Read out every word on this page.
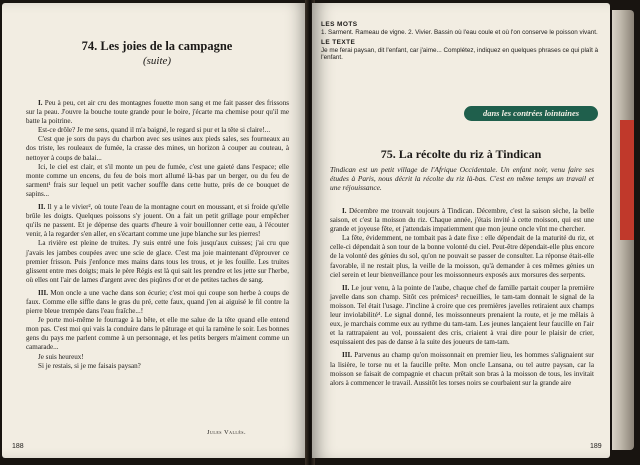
74. Les joies de la campagne
(suite)

I. Peu à peu, cet air cru des montagnes fouette mon sang et me fait passer des frissons sur la peau. J'ouvre la bouche toute grande pour le boire, j'écarte ma chemise pour qu'il me batte la poitrine.

Est-ce drôle? Je me sens, quand il m'a baigné, le regard si pur et la tête si claire!...

C'est que je sors du pays du charbon avec ses usines aux pieds sales, ses fourneaux au dos triste, les rouleaux de fumée, la crasse des mines, un horizon à couper au couteau, à nettoyer à coups de balai...

Ici, le ciel est clair, et s'il monte un peu de fumée, c'est une gaieté dans l'espace; elle monte comme un encens, du feu de bois mort allumé là-bas par un berger, ou du feu de sarment¹ frais sur lequel un petit vacher souffle dans cette hutte, près de ce bouquet de sapins...

II. Il y a le vivier², où toute l'eau de la montagne court en moussant, et si froide qu'elle brûle les doigts. Quelques poissons s'y jouent. On a fait un petit grillage pour empêcher qu'ils ne passent. Et je dépense des quarts d'heure à voir bouillonner cette eau, à l'écouter venir, à la regarder s'en aller, en s'écartant comme une jupe blanche sur les pierres!

La rivière est pleine de truites. J'y suis entré une fois jusqu'aux cuisses; j'ai cru que j'avais les jambes coupées avec une scie de glace. C'est ma joie maintenant d'éprouver ce premier frisson. Puis j'enfonce mes mains dans tous les trous, et je les fouille. Les truites glissent entre mes doigts; mais le père Régis est là qui sait les prendre et les jette sur l'herbe, où elles ont l'air de lames d'argent avec des piqûres d'or et de petites taches de sang.

III. Mon oncle a une vache dans son écurie; c'est moi qui coupe son herbe à coups de faux. Comme elle siffle dans le gras du pré, cette faux, quand j'en ai aiguisé le fil contre la pierre bleue trempée dans l'eau fraîche...!

Je porte moi-même le fourrage à la bête, et elle me salue de la tête quand elle entend mon pas. C'est moi qui vais la conduire dans le pâturage et qui la ramène le soir. Les bonnes gens du pays me parlent comme à un personnage, et les petits bergers m'aiment comme un camarade...

Je suis heureux!

Si je restais, si je me faisais paysan?

Jules Vallès.
188
LES MOTS
1. Sarment. Rameau de vigne. 2. Vivier. Bassin où l'eau coule et où l'on conserve le poisson vivant.
LE TEXTE
Je me ferai paysan, dit l'enfant, car j'aime... Complétez, indiquez en quelques phrases ce qui plaît à l'enfant.
dans les contrées lointaines
75. La récolte du riz à Tindican
Tindican est un petit village de l'Afrique Occidentale. Un enfant noir, venu faire ses études à Paris, nous décrit la récolte du riz là-bas. C'est en même temps un travail et une réjouissance.

I. Décembre me trouvait toujours à Tindican. Décembre, c'est la saison sèche, la belle saison, et c'est la moisson du riz. Chaque année, j'étais invité à cette moisson, qui est une grande et joyeuse fête, et j'attendais impatiemment que mon jeune oncle vînt me chercher.

La fête, évidemment, ne tombait pas à date fixe : elle dépendait de la maturité du riz, et celle-ci dépendait à son tour de la bonne volonté du ciel. Peut-être dépendait-elle plus encore de la volonté des génies du sol, qu'on ne pouvait se passer de consulter. La réponse était-elle favorable, il ne restait plus, la veille de la moisson, qu'à demander à ces mêmes génies un ciel serein et leur bienveillance pour les moissonneurs exposés aux morsures des serpents.

II. Le jour venu, à la pointe de l'aube, chaque chef de famille partait couper la première javelle dans son champ. Sitôt ces prémices³ recueillies, le tam-tam donnait le signal de la moisson. Tel était l'usage. J'incline à croire que ces premières javelles retiraient aux champs leur inviolabilité⁴. Le signal donné, les moissonneurs prenaient la route, et je me mêlais à eux, je marchais comme eux au rythme du tam-tam. Les jeunes lançaient leur faucille en l'air et la rattrapaient au vol, poussaient des cris, criaient à vrai dire pour le plaisir de crier, esquissaient des pas de danse à la suite des joueurs de tam-tam.

III. Parvenus au champ qu'on moissonnait en premier lieu, les hommes s'alignaient sur la lisière, le torse nu et la faucille prête. Mon oncle Lansana, ou tel autre paysan, car la moisson se faisait de compagnie et chacun prêtait son bras à la moisson de tous, les invitait alors à commencer le travail. Aussitôt les torses noirs se courbaient sur la grande aire

189
